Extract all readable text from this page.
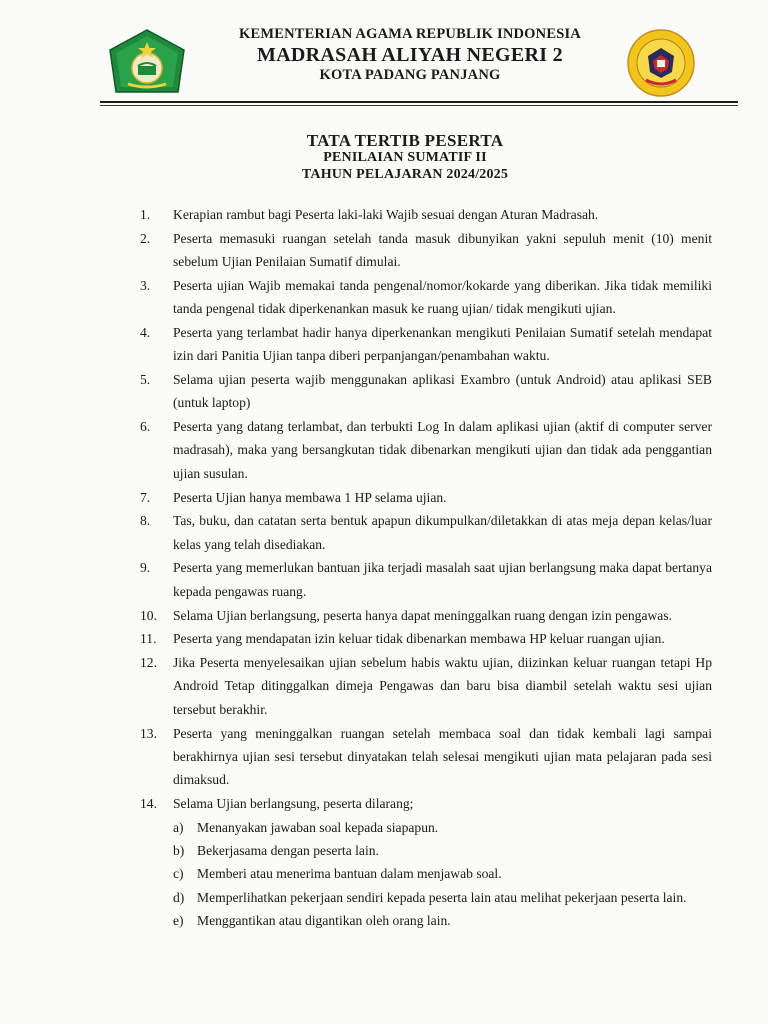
KEMENTERIAN AGAMA REPUBLIK INDONESIA
MADRASAH ALIYAH NEGERI 2
KOTA PADANG PANJANG
TATA TERTIB PESERTA
PENILAIAN SUMATIF II
TAHUN PELAJARAN 2024/2025
1.	Kerapian rambut bagi Peserta laki-laki Wajib sesuai dengan Aturan Madrasah.
2.	Peserta memasuki ruangan setelah tanda masuk dibunyikan yakni sepuluh menit (10) menit sebelum Ujian Penilaian Sumatif dimulai.
3.	Peserta ujian Wajib memakai tanda pengenal/nomor/kokarde yang diberikan. Jika tidak memiliki tanda pengenal tidak diperkenankan masuk ke ruang ujian/ tidak mengikuti ujian.
4.	Peserta yang terlambat hadir hanya diperkenankan mengikuti Penilaian Sumatif setelah mendapat izin dari Panitia Ujian tanpa diberi perpanjangan/penambahan waktu.
5.	Selama ujian peserta wajib menggunakan aplikasi Exambro (untuk Android) atau aplikasi SEB (untuk laptop)
6.	Peserta yang datang terlambat, dan terbukti Log In dalam aplikasi ujian (aktif di computer server madrasah), maka yang bersangkutan tidak dibenarkan mengikuti ujian dan tidak ada penggantian ujian susulan.
7.	Peserta Ujian hanya membawa 1 HP selama ujian.
8.	Tas, buku, dan catatan serta bentuk apapun dikumpulkan/diletakkan di atas meja depan kelas/luar kelas yang telah disediakan.
9.	Peserta yang memerlukan bantuan jika terjadi masalah saat ujian berlangsung maka dapat bertanya kepada pengawas ruang.
10.	Selama Ujian berlangsung, peserta hanya dapat meninggalkan ruang dengan izin pengawas.
11.	Peserta yang mendapatan izin keluar tidak dibenarkan membawa HP keluar ruangan ujian.
12.	Jika Peserta menyelesaikan ujian sebelum habis waktu ujian, diizinkan keluar ruangan tetapi Hp Android Tetap ditinggalkan dimeja Pengawas dan baru bisa diambil setelah waktu sesi ujian tersebut berakhir.
13.	Peserta yang meninggalkan ruangan setelah membaca soal dan tidak kembali lagi sampai berakhirnya ujian sesi tersebut dinyatakan telah selesai mengikuti ujian mata pelajaran pada sesi dimaksud.
14.	Selama Ujian berlangsung, peserta dilarang;
a) Menanyakan jawaban soal kepada siapapun.
b) Bekerjasama dengan peserta lain.
c) Memberi atau menerima bantuan dalam menjawab soal.
d) Memperlihatkan pekerjaan sendiri kepada peserta lain atau melihat pekerjaan peserta lain.
e) Menggantikan atau digantikan oleh orang lain.
